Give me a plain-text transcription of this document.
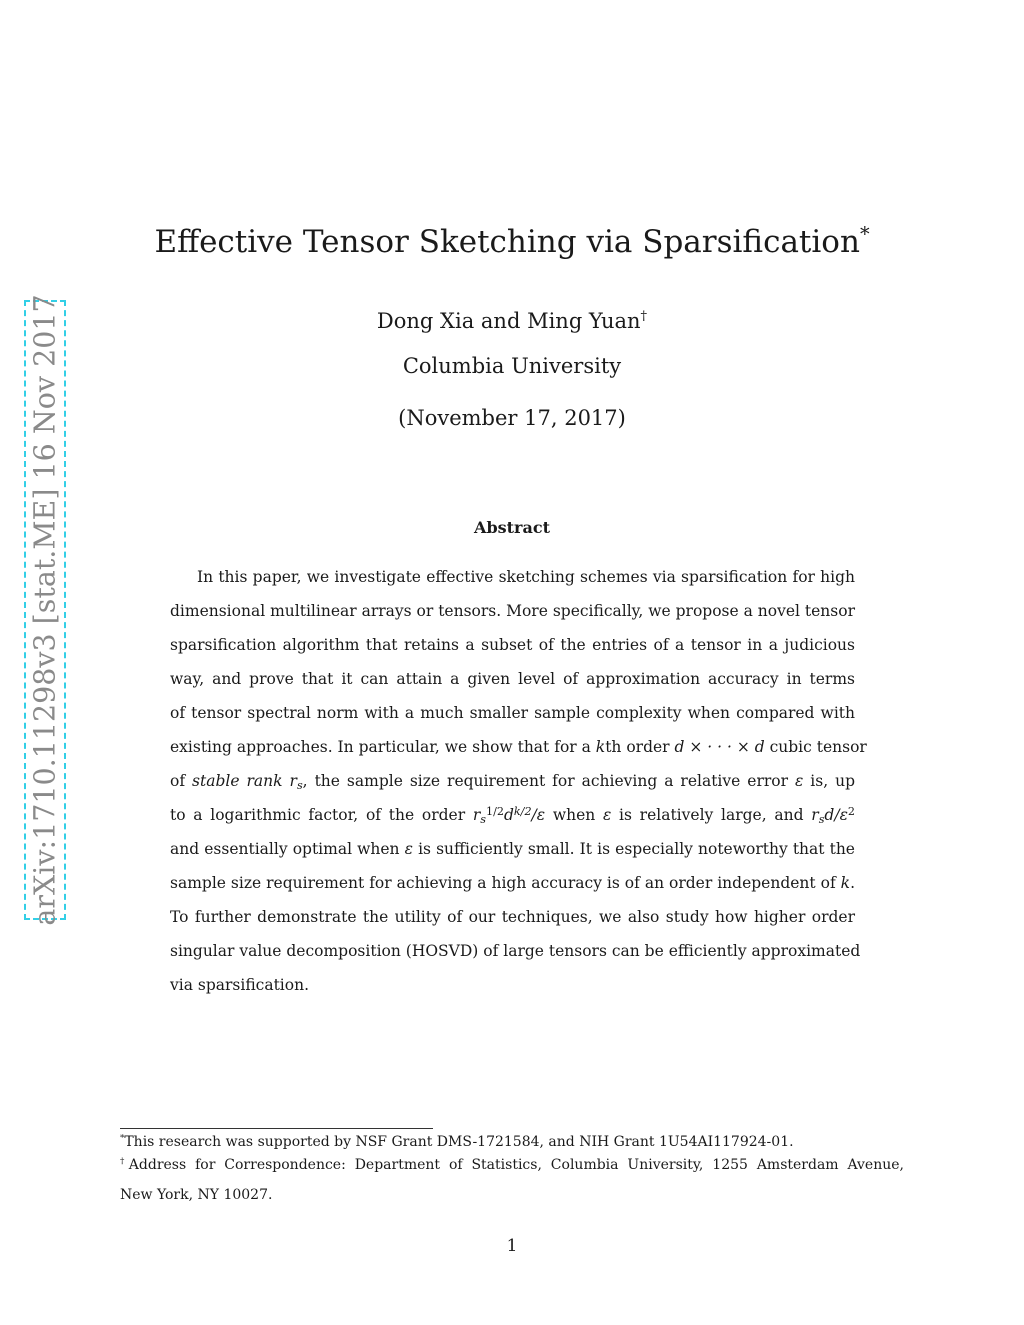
arXiv:1710.11298v3 [stat.ME] 16 Nov 2017
Effective Tensor Sketching via Sparsification*
Dong Xia and Ming Yuan†
Columbia University
(November 17, 2017)
Abstract
In this paper, we investigate effective sketching schemes via sparsification for high
dimensional multilinear arrays or tensors. More specifically, we propose a novel tensor
sparsification algorithm that retains a subset of the entries of a tensor in a judicious
way, and prove that it can attain a given level of approximation accuracy in terms
of tensor spectral norm with a much smaller sample complexity when compared with
existing approaches. In particular, we show that for a kth order d × · · · × d cubic tensor
of stable rank $r_s$, the sample size requirement for achieving a relative error ε is, up
to a logarithmic factor, of the order $r_s^{1/2}d^{k/2}/\varepsilon$ when ε is relatively large, and $r_sd/\varepsilon^2$
and essentially optimal when ε is sufficiently small. It is especially noteworthy that the
sample size requirement for achieving a high accuracy is of an order independent of k.
To further demonstrate the utility of our techniques, we also study how higher order
singular value decomposition (HOSVD) of large tensors can be efficiently approximated
via sparsification.
*This research was supported by NSF Grant DMS-1721584, and NIH Grant 1U54AI117924-01.
†Address for Correspondence: Department of Statistics, Columbia University, 1255 Amsterdam Avenue,
New York, NY 10027.
1
